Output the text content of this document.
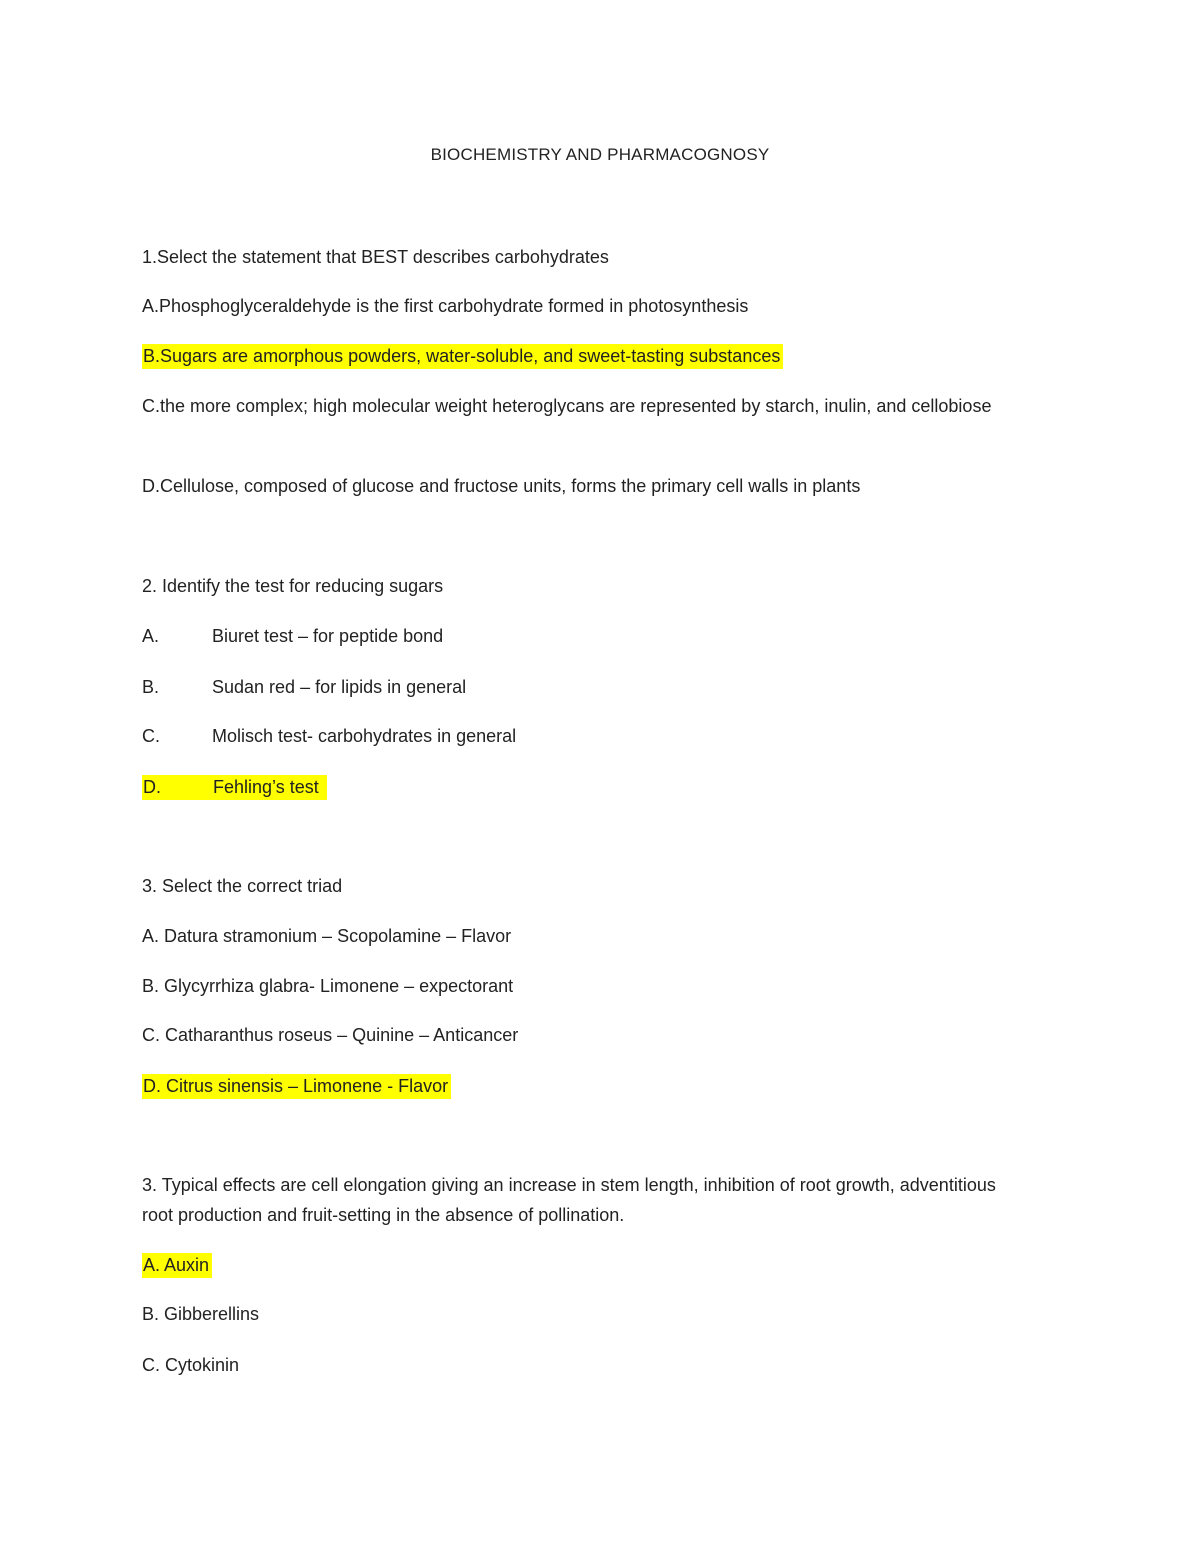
BIOCHEMISTRY AND PHARMACOGNOSY
1.Select the statement that BEST describes carbohydrates
A.Phosphoglyceraldehyde is the first carbohydrate formed in photosynthesis
B.Sugars are amorphous powders, water-soluble, and sweet-tasting substances
C.the more complex; high molecular weight heteroglycans are represented by starch, inulin, and cellobiose
D.Cellulose, composed of glucose and fructose units, forms the primary cell walls in plants
2. Identify the test for reducing sugars
A.	Biuret test – for peptide bond
B.	Sudan red – for lipids in general
C.	Molisch test- carbohydrates in general
D.	Fehling’s test
3. Select the correct triad
A. Datura stramonium – Scopolamine – Flavor
B. Glycyrrhiza glabra- Limonene – expectorant
C. Catharanthus roseus – Quinine – Anticancer
D. Citrus sinensis – Limonene - Flavor
3. Typical effects are cell elongation giving an increase in stem length, inhibition of root growth, adventitious root production and fruit-setting in the absence of pollination.
A. Auxin
B. Gibberellins
C. Cytokinin
